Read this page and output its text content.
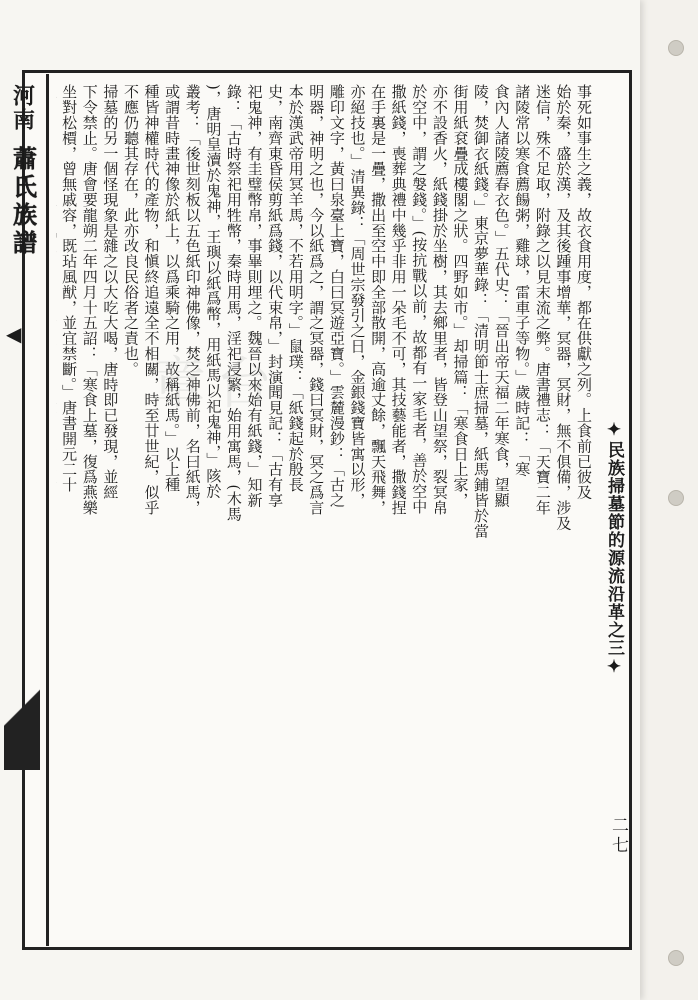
河南
蕭氏族譜
◀	事死如事生之義，故衣食用度，都在供獻之列。上食前已彼及

始於秦，盛於漢，及其後踵事增華，冥器，冥財，無不俱備，涉及

迷信，殊不足取，附錄之以見末流之弊。唐書禮志：「天寶二年

諸陵常以寒食薦餳粥，雞球，雷車子等物。」歲時記：「寒

食內人諸陵薦春衣色。」五代史：「晉出帝天福二年寒食，望顯

陵，焚御衣紙錢。」東京夢華錄：「清明節士庶掃墓，紙馬鋪皆於當

街用紙袞疊成樓閣之狀。四野如市。」却掃篇：「寒食日上家，

亦不設香火，紙錢掛於坐樹，其去鄉里者，皆登山望祭，裂冥帛

於空中，謂之媻錢。」(按抗戰以前，故都有一家毛者，善於空中

撒紙錢，喪葬典禮中幾乎非用一朵毛不可，其技藝能者，撒錢捏

在手裏是一疊，撒出至空中即全部散開，高逾丈餘，飄天飛舞，

亦絕技也。」清異錄：「周世宗發引之日，金銀錢寶皆寓以形，

雕印文字，黃曰泉臺上寶，白曰冥遊亞寶。」雲麓漫鈔：「古之

明器，神明之也，今以紙爲之，謂之冥器，錢曰冥財，冥之爲言

本於漢武帝用冥羊馬，不若用明字。」鼠璞：「紙錢起於殷長

史，南齊東昏侯剪紙爲錢，以代束帛，」封演聞見記：「古有享

祀鬼神，有圭璧幣帛，事畢則埋之。魏晉以來始有紙錢，」知新

錄：「古時祭祀用牲幣，秦時用馬，淫祀浸繁，始用寓馬，(木馬

)，唐明皇瀆於鬼神，王璵以紙爲幣，用紙馬以祀鬼神，」陔於

叢考：「後世刻板以五色紙印神佛像，焚之神佛前，名曰紙馬，

或謂昔時畫神像於紙上，以爲乘騎之用，故稱紙馬。」以上種

種皆神權時代的產物，和愼終追遠全不相關，時至廿世紀，似乎

不應仍聽其存在，此亦改良民俗者之責也。

掃墓的另一個怪現象是雜之以大吃大喝，唐時即已發現，並經

下令禁止。唐會要龍朔二年四月十五詔：「寒食上墓，復爲燕樂

坐對松檟，曾無戚容，既玷風猷，並宜禁斷。」唐書開元二十

✦民族掃墓節的源流沿革之三✦
二七
